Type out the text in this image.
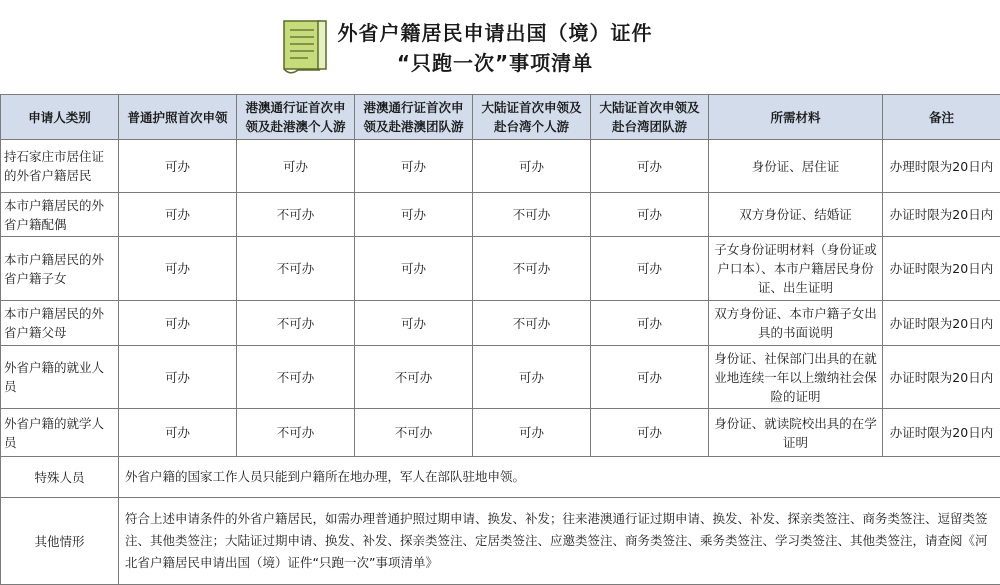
外省户籍居民申请出国（境）证件
“只跑一次”事项清单
申请人类别	普通护照首次申领	港澳通行证首次申领及赴港澳个人游	港澳通行证首次申领及赴港澳团队游	大陆证首次申领及赴台湾个人游	大陆证首次申领及赴台湾团队游	所需材料	备注
持石家庄市居住证的外省户籍居民	可办	可办	可办	可办	可办	身份证、居住证	办理时限为20日内
本市户籍居民的外省户籍配偶	可办	不可办	可办	不可办	可办	双方身份证、结婚证	办证时限为20日内
本市户籍居民的外省户籍子女	可办	不可办	可办	不可办	可办	子女身份证明材料（身份证或户口本）、本市户籍居民身份证、出生证明	办证时限为20日内
本市户籍居民的外省户籍父母	可办	不可办	可办	不可办	可办	双方身份证、本市户籍子女出具的书面说明	办证时限为20日内
外省户籍的就业人员	可办	不可办	不可办	可办	可办	身份证、社保部门出具的在就业地连续一年以上缴纳社会保险的证明	办证时限为20日内
外省户籍的就学人员	可办	不可办	不可办	可办	可办	身份证、就读院校出具的在学证明	办证时限为20日内
特殊人员	外省户籍的国家工作人员只能到户籍所在地办理，军人在部队驻地申领。						
其他情形	符合上述申请条件的外省户籍居民，如需办理普通护照过期申请、换发、补发；往来港澳通行证过期申请、换发、补发、探亲类签注、商务类签注、逗留类签注、其他类签注；大陆证过期申请、换发、补发、探亲类签注、定居类签注、应邀类签注、商务类签注、乘务类签注、学习类签注、其他类签注，请查阅《河北省户籍居民申请出国（境）证件“只跑一次”事项清单》						
